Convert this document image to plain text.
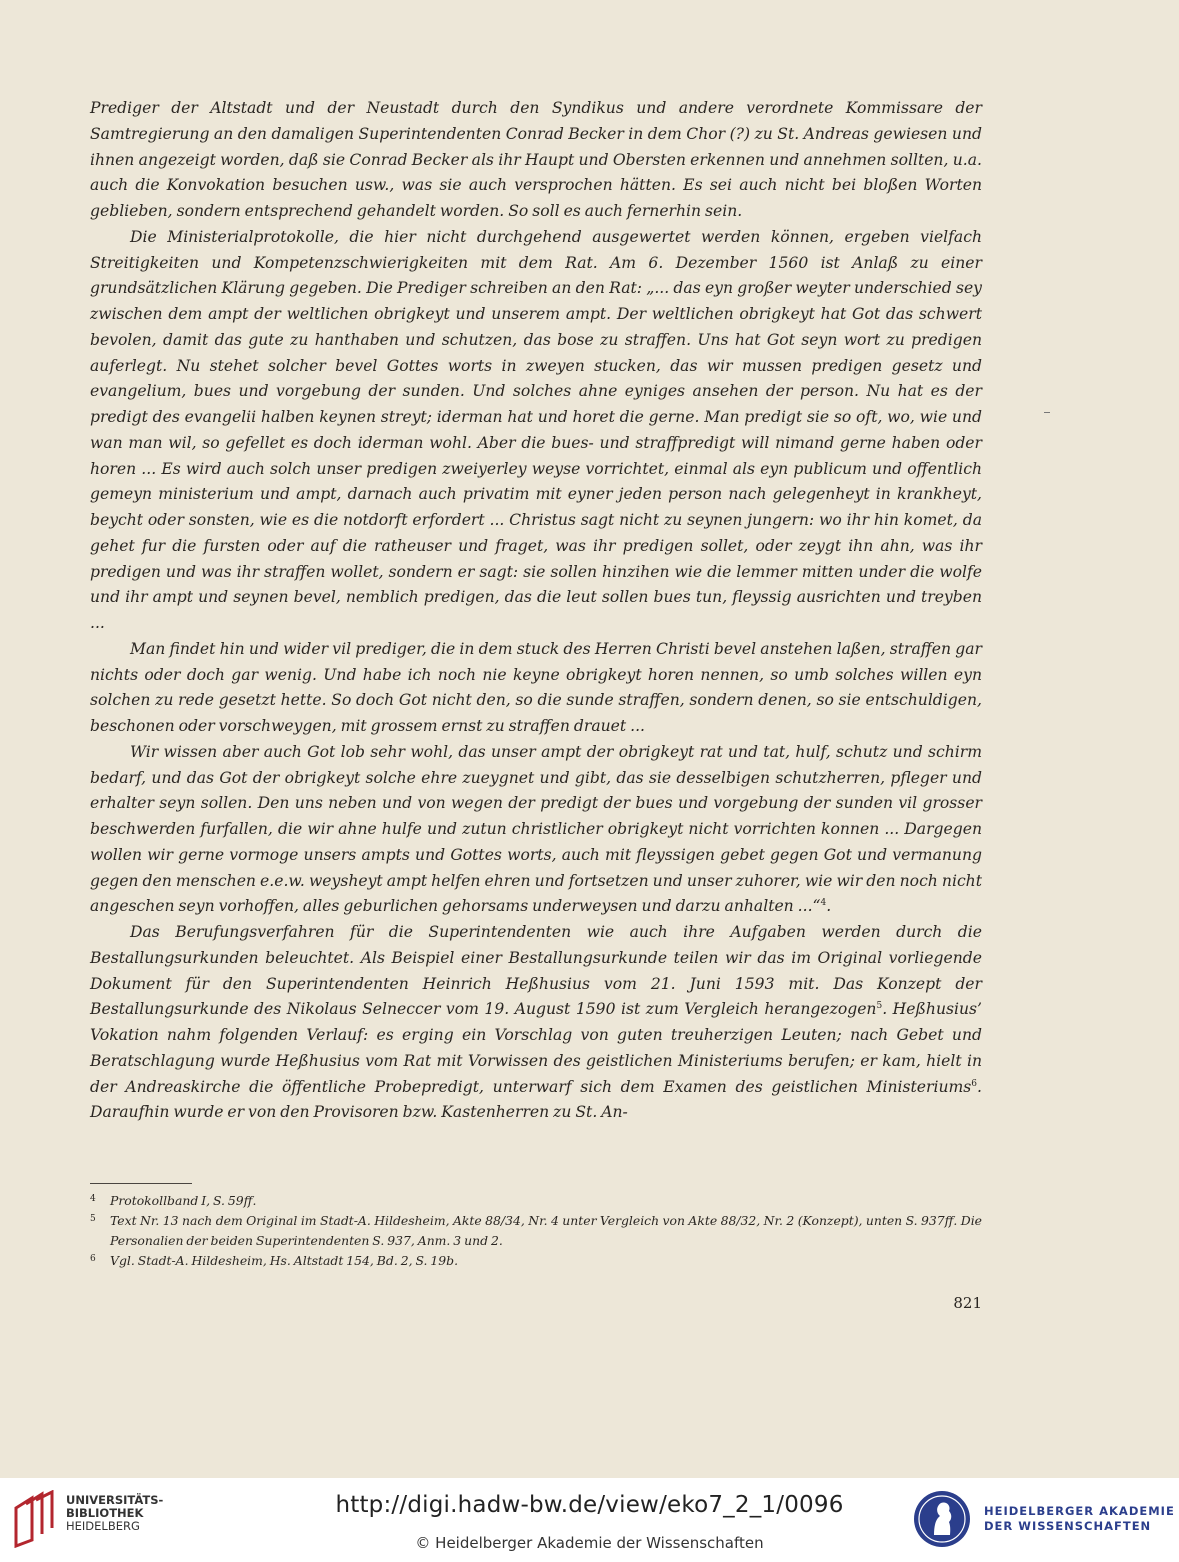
Prediger der Altstadt und der Neustadt durch den Syndikus und andere verordnete Kommissare der Samtregierung an den damaligen Superintendenten Conrad Becker in dem Chor (?) zu St. Andreas gewiesen und ihnen angezeigt worden, daß sie Conrad Becker als ihr Haupt und Obersten erkennen und annehmen sollten, u.a. auch die Konvokation besuchen usw., was sie auch versprochen hätten. Es sei auch nicht bei bloßen Worten geblieben, sondern entsprechend gehandelt worden. So soll es auch fernerhin sein.

Die Ministerialprotokolle, die hier nicht durchgehend ausgewertet werden können, ergeben vielfach Streitigkeiten und Kompetenzschwierigkeiten mit dem Rat. Am 6. Dezember 1560 ist Anlaß zu einer grundsätzlichen Klärung gegeben. Die Prediger schreiben an den Rat: „... das eyn großer weyter underschied sey zwischen dem ampt der weltlichen obrigkeyt und unserem ampt. Der weltlichen obrigkeyt hat Got das schwert bevolen, damit das gute zu hanthaben und schutzen, das bose zu straffen. Uns hat Got seyn wort zu predigen auferlegt. Nu stehet solcher bevel Gottes worts in zweyen stucken, das wir mussen predigen gesetz und evangelium, bues und vorgebung der sunden. Und solches ahne eyniges ansehen der person. Nu hat es der predigt des evangelii halben keynen streyt; iderman hat und horet die gerne. Man predigt sie so oft, wo, wie und wan man wil, so gefellet es doch iderman wohl. Aber die bues- und straffpredigt will nimand gerne haben oder horen ... Es wird auch solch unser predigen zweiyerley weyse vorrichtet, einmal als eyn publicum und offentlich gemeyn ministerium und ampt, darnach auch privatim mit eyner jeden person nach gelegenheyt in krankheyt, beycht oder sonsten, wie es die notdorft erfordert ... Christus sagt nicht zu seynen jungern: wo ihr hin komet, da gehet fur die fursten oder auf die ratheuser und fraget, was ihr predigen sollet, oder zeygt ihn ahn, was ihr predigen und was ihr straffen wollet, sondern er sagt: sie sollen hinzihen wie die lemmer mitten under die wolfe und ihr ampt und seynen bevel, nemblich predigen, das die leut sollen bues tun, fleyssig ausrichten und treyben ...

Man findet hin und wider vil prediger, die in dem stuck des Herren Christi bevel anstehen laßen, straffen gar nichts oder doch gar wenig. Und habe ich noch nie keyne obrigkeyt horen nennen, so umb solches willen eyn solchen zu rede gesetzt hette. So doch Got nicht den, so die sunde straffen, sondern denen, so sie entschuldigen, beschonen oder vorschweygen, mit grossem ernst zu straffen drauet ...

Wir wissen aber auch Got lob sehr wohl, das unser ampt der obrigkeyt rat und tat, hulf, schutz und schirm bedarf, und das Got der obrigkeyt solche ehre zueygnet und gibt, das sie desselbigen schutzherren, pfleger und erhalter seyn sollen. Den uns neben und von wegen der predigt der bues und vorgebung der sunden vil grosser beschwerden furfallen, die wir ahne hulfe und zutun christlicher obrigkeyt nicht vorrichten konnen ... Dargegen wollen wir gerne vormoge unsers ampts und Gottes worts, auch mit fleyssigen gebet gegen Got und vermanung gegen den menschen e.e.w. weysheyt ampt helfen ehren und fortsetzen und unser zuhorer, wie wir den noch nicht angeschen seyn vorhoffen, alles geburlichen gehorsams underweysen und darzu anhalten ...“$^4$.

Das Berufungsverfahren für die Superintendenten wie auch ihre Aufgaben werden durch die Bestallungsurkunden beleuchtet. Als Beispiel einer Bestallungsurkunde teilen wir das im Original vorliegende Dokument für den Superintendenten Heinrich Heßhusius vom 21. Juni 1593 mit. Das Konzept der Bestallungsurkunde des Nikolaus Selneccer vom 19. August 1590 ist zum Vergleich herangezogen$^5$. Heßhusius’ Vokation nahm folgenden Verlauf: es erging ein Vorschlag von guten treuherzigen Leuten; nach Gebet und Beratschlagung wurde Heßhusius vom Rat mit Vorwissen des geistlichen Ministeriums berufen; er kam, hielt in der Andreaskirche die öffentliche Probepredigt, unterwarf sich dem Examen des geistlichen Ministeriums$^6$. Daraufhin wurde er von den Provisoren bzw. Kastenherren zu St. An-

4 Protokollband I, S. 59ff.
5 Text Nr. 13 nach dem Original im Stadt-A. Hildesheim, Akte 88/34, Nr. 4 unter Vergleich von Akte 88/32, Nr. 2 (Konzept), unten S. 937ff. Die Personalien der beiden Superintendenten S. 937, Anm. 3 und 2.
6 Vgl. Stadt-A. Hildesheim, Hs. Altstadt 154, Bd. 2, S. 19b.
821
UNIVERSITÄTS-
BIBLIOTHEK
HEIDELBERG
http://digi.hadw-bw.de/view/eko7_2_1/0096
© Heidelberger Akademie der Wissenschaften
HEIDELBERGER AKADEMIE
DER WISSENSCHAFTEN
